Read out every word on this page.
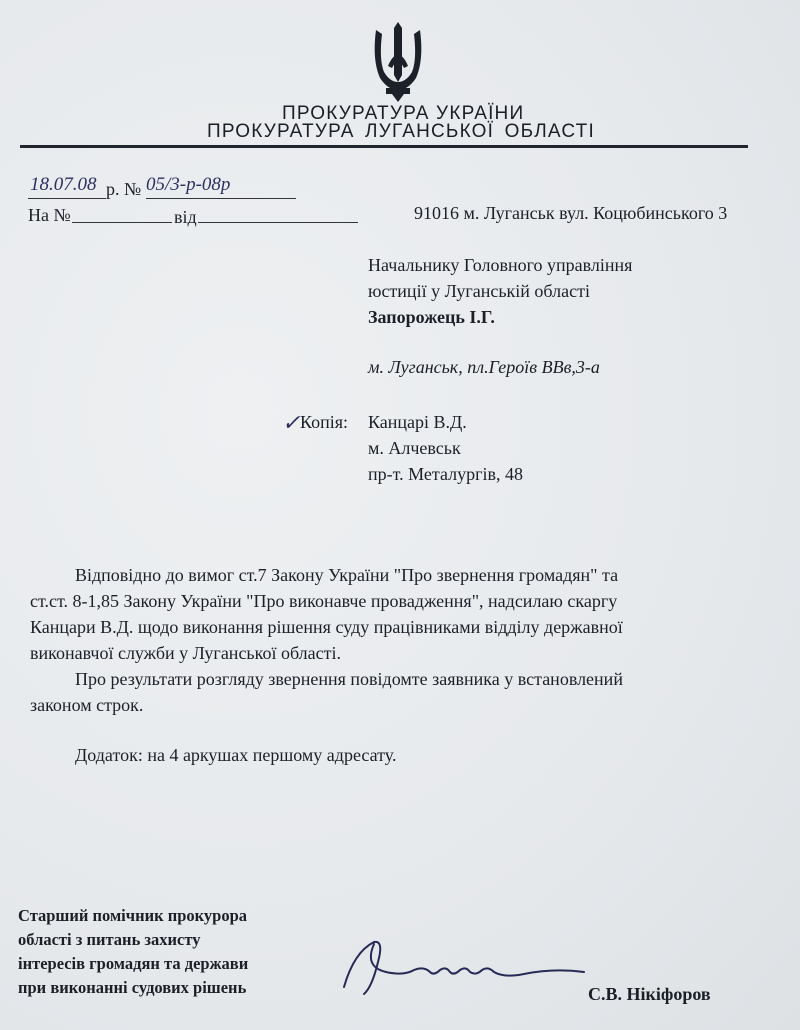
ПРОКУРАТУРА УКРАЇНИ
ПРОКУРАТУРА ЛУГАНСЬКОЇ ОБЛАСТІ
18.07.08 р. № 05/3-р-08р
На №	від	91016 м. Луганськ вул. Коцюбинського 3
Начальнику Головного управління
юстиції у Луганській області
Запорожець І.Г.
м. Луганськ, пл.Героїв ВВв,3-а
✓ Копія: Канцарі В.Д.
м. Алчевськ
пр-т. Металургів, 48
Відповідно до вимог ст.7 Закону України "Про звернення громадян" та
ст.ст. 8-1,85 Закону України "Про виконавче провадження", надсилаю скаргу
Канцари В.Д. щодо виконання рішення суду працівниками відділу державної
виконавчої служби у Луганської області.
Про результати розгляду звернення повідомте заявника у встановлений
законом строк.
Додаток: на 4 аркушах першому адресату.
Старший помічник прокурора
області з питань захисту
інтересів громадян та держави
при виконанні судових рішень	С.В. Нікіфоров
